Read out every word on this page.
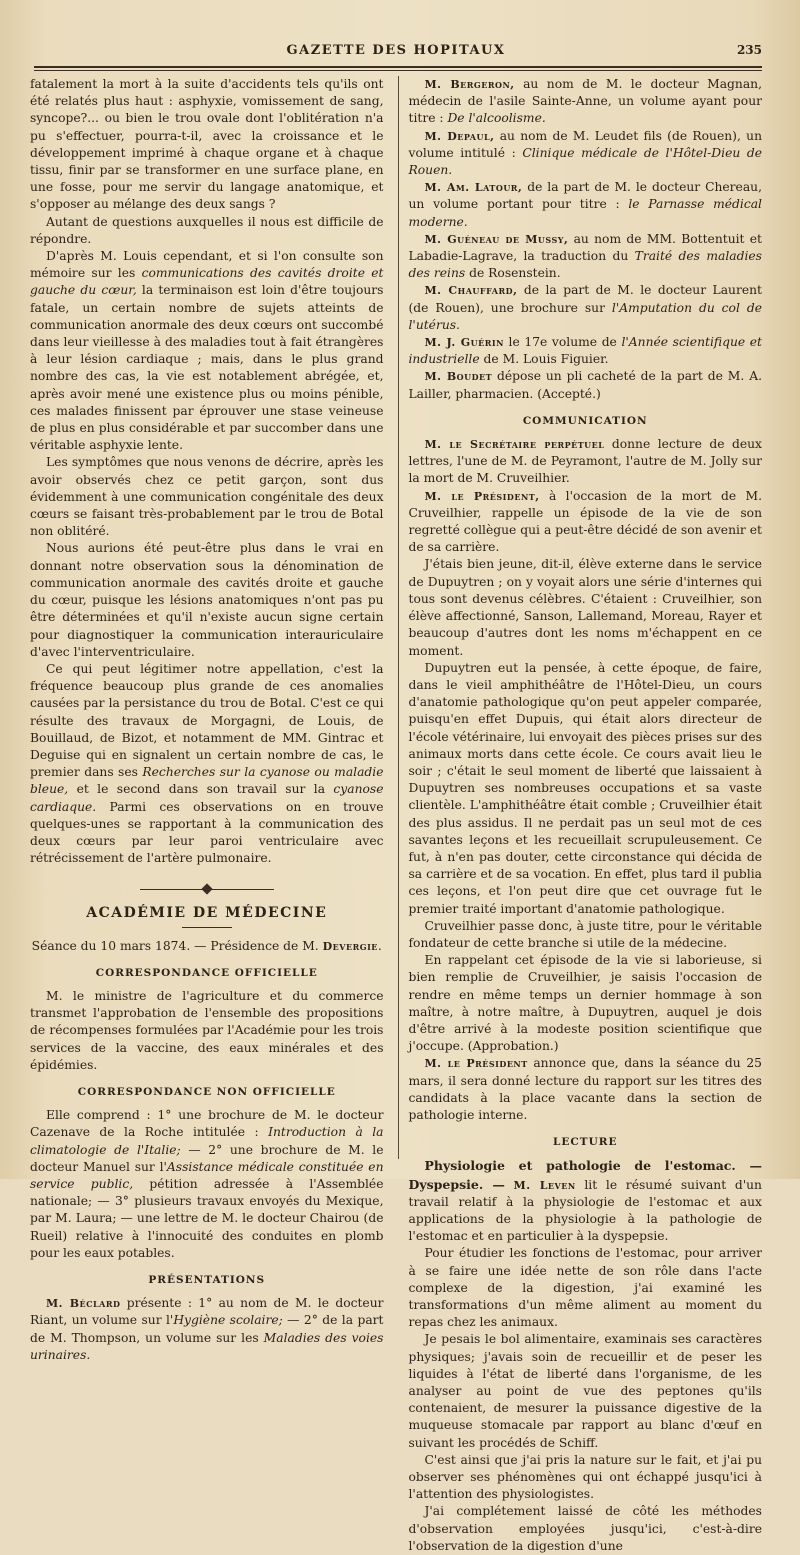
GAZETTE DES HOPITAUX	235

fatalement la mort à la suite d'accidents tels qu'ils ont été relatés plus haut : asphyxie, vomissement de sang, syncope?... ou bien le trou ovale dont l'oblitération n'a pu s'effectuer, pourra-t-il, avec la croissance et le développement imprimé à chaque organe et à chaque tissu, finir par se transformer en une surface plane, en une fosse, pour me servir du langage anatomique, et s'opposer au mélange des deux sangs ?

Autant de questions auxquelles il nous est difficile de répondre.

D'après M. Louis cependant, et si l'on consulte son mémoire sur les communications des cavités droite et gauche du cœur, la terminaison est loin d'être toujours fatale, un certain nombre de sujets atteints de communication anormale des deux cœurs ont succombé dans leur vieillesse à des maladies tout à fait étrangères à leur lésion cardiaque ; mais, dans le plus grand nombre des cas, la vie est notablement abrégée, et, après avoir mené une existence plus ou moins pénible, ces malades finissent par éprouver une stase veineuse de plus en plus considérable et par succomber dans une véritable asphyxie lente.

Les symptômes que nous venons de décrire, après les avoir observés chez ce petit garçon, sont dus évidemment à une communication congénitale des deux cœurs se faisant très-probablement par le trou de Botal non oblitéré.

Nous aurions été peut-être plus dans le vrai en donnant notre observation sous la dénomination de communication anormale des cavités droite et gauche du cœur, puisque les lésions anatomiques n'ont pas pu être déterminées et qu'il n'existe aucun signe certain pour diagnostiquer la communication interauriculaire d'avec l'interventriculaire.

Ce qui peut légitimer notre appellation, c'est la fréquence beaucoup plus grande de ces anomalies causées par la persistance du trou de Botal. C'est ce qui résulte des travaux de Morgagni, de Louis, de Bouillaud, de Bizot, et notamment de MM. Gintrac et Deguise qui en signalent un certain nombre de cas, le premier dans ses Recherches sur la cyanose ou maladie bleue, et le second dans son travail sur la cyanose cardiaque. Parmi ces observations on en trouve quelques-unes se rapportant à la communication des deux cœurs par leur paroi ventriculaire avec rétrécissement de l'artère pulmonaire.

ACADÉMIE DE MÉDECINE
Séance du 10 mars 1874. — Présidence de M. Devergie.
CORRESPONDANCE OFFICIELLE

M. le ministre de l'agriculture et du commerce transmet l'approbation de l'ensemble des propositions de récompenses formulées par l'Académie pour les trois services de la vaccine, des eaux minérales et des épidémies.

CORRESPONDANCE NON OFFICIELLE

Elle comprend : 1° une brochure de M. le docteur Cazenave de la Roche intitulée : Introduction à la climatologie de l'Italie; — 2° une brochure de M. le docteur Manuel sur l'Assistance médicale constituée en service public, pétition adressée à l'Assemblée nationale; — 3° plusieurs travaux envoyés du Mexique, par M. Laura; — une lettre de M. le docteur Chairou (de Rueil) relative à l'innocuité des conduites en plomb pour les eaux potables.

PRÉSENTATIONS

M. Béclard présente : 1° au nom de M. le docteur Riant, un volume sur l'Hygiène scolaire; — 2° de la part de M. Thompson, un volume sur les Maladies des voies urinaires.

M. Bergeron, au nom de M. le docteur Magnan, médecin de l'asile Sainte-Anne, un volume ayant pour titre : De l'alcoolisme.

M. Depaul, au nom de M. Leudet fils (de Rouen), un volume intitulé : Clinique médicale de l'Hôtel-Dieu de Rouen.

M. Am. Latour, de la part de M. le docteur Chereau, un volume portant pour titre : le Parnasse médical moderne.

M. Guéneau de Mussy, au nom de MM. Bottentuit et Labadie-Lagrave, la traduction du Traité des maladies des reins de Rosenstein.

M. Chauffard, de la part de M. le docteur Laurent (de Rouen), une brochure sur l'Amputation du col de l'utérus.

M. J. Guérin le 17e volume de l'Année scientifique et industrielle de M. Louis Figuier.

M. Boudet dépose un pli cacheté de la part de M. A. Lailler, pharmacien. (Accepté.)

COMMUNICATION

M. le Secrétaire perpétuel donne lecture de deux lettres, l'une de M. de Peyramont, l'autre de M. Jolly sur la mort de M. Cruveilhier.

M. le Président, à l'occasion de la mort de M. Cruveilhier, rappelle un épisode de la vie de son regretté collègue qui a peut-être décidé de son avenir et de sa carrière.

J'étais bien jeune, dit-il, élève externe dans le service de Dupuytren ; on y voyait alors une série d'internes qui tous sont devenus célèbres. C'étaient : Cruveilhier, son élève affectionné, Sanson, Lallemand, Moreau, Rayer et beaucoup d'autres dont les noms m'échappent en ce moment.

Dupuytren eut la pensée, à cette époque, de faire, dans le vieil amphithéâtre de l'Hôtel-Dieu, un cours d'anatomie pathologique qu'on peut appeler comparée, puisqu'en effet Dupuis, qui était alors directeur de l'école vétérinaire, lui envoyait des pièces prises sur des animaux morts dans cette école. Ce cours avait lieu le soir ; c'était le seul moment de liberté que laissaient à Dupuytren ses nombreuses occupations et sa vaste clientèle. L'amphithéâtre était comble ; Cruveilhier était des plus assidus. Il ne perdait pas un seul mot de ces savantes leçons et les recueillait scrupuleusement. Ce fut, à n'en pas douter, cette circonstance qui décida de sa carrière et de sa vocation. En effet, plus tard il publia ces leçons, et l'on peut dire que cet ouvrage fut le premier traité important d'anatomie pathologique.

Cruveilhier passe donc, à juste titre, pour le véritable fondateur de cette branche si utile de la médecine.

En rappelant cet épisode de la vie si laborieuse, si bien remplie de Cruveilhier, je saisis l'occasion de rendre en même temps un dernier hommage à son maître, à notre maître, à Dupuytren, auquel je dois d'être arrivé à la modeste position scientifique que j'occupe. (Approbation.)

M. le Président annonce que, dans la séance du 25 mars, il sera donné lecture du rapport sur les titres des candidats à la place vacante dans la section de pathologie interne.

LECTURE

Physiologie et pathologie de l'estomac. — Dyspepsie. — M. Leven lit le résumé suivant d'un travail relatif à la physiologie de l'estomac et aux applications de la physiologie à la pathologie de l'estomac et en particulier à la dyspepsie.

Pour étudier les fonctions de l'estomac, pour arriver à se faire une idée nette de son rôle dans l'acte complexe de la digestion, j'ai examiné les transformations d'un même aliment au moment du repas chez les animaux.

Je pesais le bol alimentaire, examinais ses caractères physiques; j'avais soin de recueillir et de peser les liquides à l'état de liberté dans l'organisme, de les analyser au point de vue des peptones qu'ils contenaient, de mesurer la puissance digestive de la muqueuse stomacale par rapport au blanc d'œuf en suivant les procédés de Schiff.

C'est ainsi que j'ai pris la nature sur le fait, et j'ai pu observer ses phénomènes qui ont échappé jusqu'ici à l'attention des physiologistes.

J'ai complétement laissé de côté les méthodes d'observation employées jusqu'ici, c'est-à-dire l'observation de la digestion d'une
